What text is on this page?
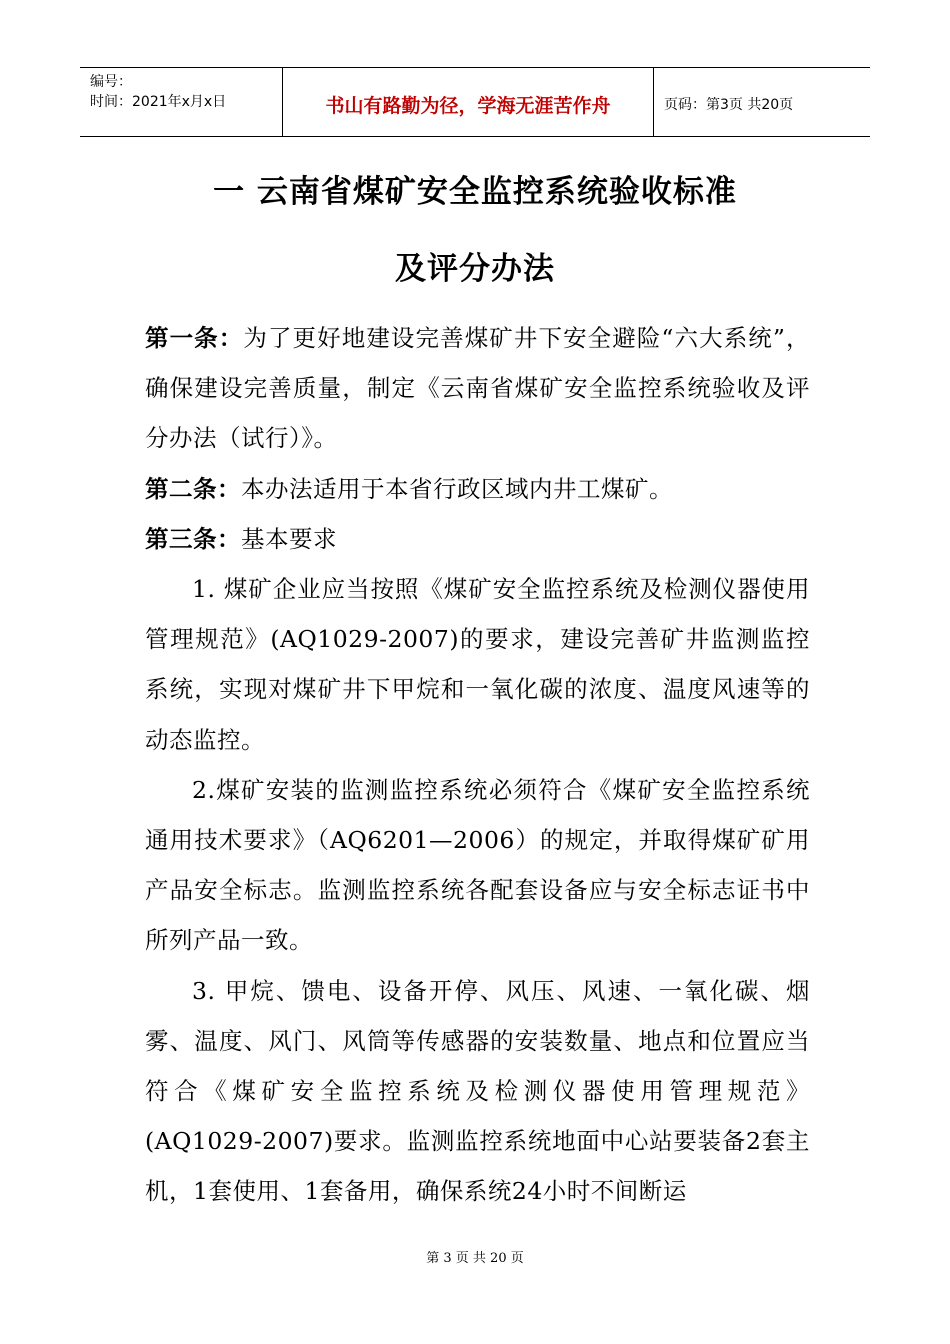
编号：
时间：2021年x月x日	书山有路勤为径，学海无涯苦作舟	页码：第3页 共20页
一 云南省煤矿安全监控系统验收标准
及评分办法

第一条：为了更好地建设完善煤矿井下安全避险“六大系统”，确保建设完善质量，制定《云南省煤矿安全监控系统验收及评分办法（试行）》。

第二条：本办法适用于本省行政区域内井工煤矿。

第三条：基本要求

1. 煤矿企业应当按照《煤矿安全监控系统及检测仪器使用管理规范》(AQ1029-2007)的要求，建设完善矿井监测监控系统，实现对煤矿井下甲烷和一氧化碳的浓度、温度风速等的动态监控。

2.煤矿安装的监测监控系统必须符合《煤矿安全监控系统通用技术要求》（AQ6201—2006）的规定，并取得煤矿矿用产品安全标志。监测监控系统各配套设备应与安全标志证书中所列产品一致。

3. 甲烷、馈电、设备开停、风压、风速、一氧化碳、烟雾、温度、风门、风筒等传感器的安装数量、地点和位置应当符合《煤矿安全监控系统及检测仪器使用管理规范》(AQ1029-2007)要求。监测监控系统地面中心站要装备2套主机，1套使用、1套备用，确保系统24小时不间断运

第 3 页 共 20 页
